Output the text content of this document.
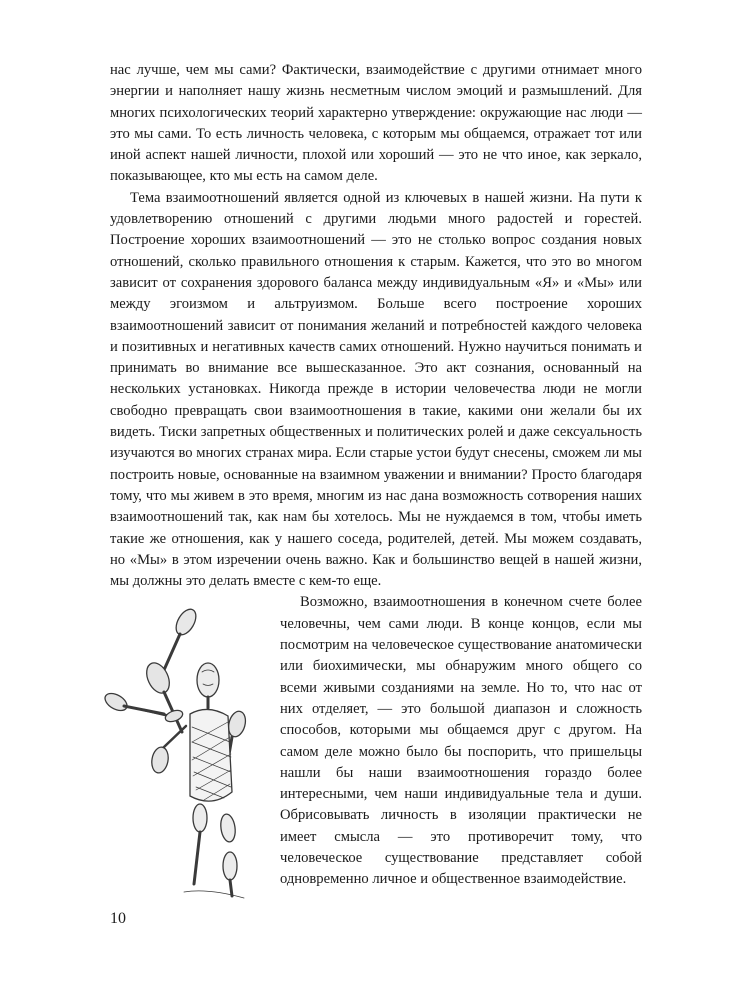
нас лучше, чем мы сами? Фактически, взаимодействие с другими отнимает много энергии и наполняет нашу жизнь несметным числом эмоций и размышлений. Для многих психологических теорий характерно утверждение: окружающие нас люди — это мы сами. То есть личность человека, с которым мы общаемся, отражает тот или иной аспект нашей личности, плохой или хороший — это не что иное, как зеркало, показывающее, кто мы есть на самом деле.

Тема взаимоотношений является одной из ключевых в нашей жизни. На пути к удовлетворению отношений с другими людьми много радостей и горестей. Построение хороших взаимоотношений — это не столько вопрос создания новых отношений, сколько правильного отношения к старым. Кажется, что это во многом зависит от сохранения здорового баланса между индивидуальным «Я» и «Мы» или между эгоизмом и альтруизмом. Больше всего построение хороших взаимоотношений зависит от понимания желаний и потребностей каждого человека и позитивных и негативных качеств самих отношений. Нужно научиться понимать и принимать во внимание все вышесказанное. Это акт сознания, основанный на нескольких установках. Никогда прежде в истории человечества люди не могли свободно превращать свои взаимоотношения в такие, какими они желали бы их видеть. Тиски запретных общественных и политических ролей и даже сексуальность изучаются во многих странах мира. Если старые устои будут снесены, сможем ли мы построить новые, основанные на взаимном уважении и внимании? Просто благодаря тому, что мы живем в это время, многим из нас дана возможность сотворения наших взаимоотношений так, как нам бы хотелось. Мы не нуждаемся в том, чтобы иметь такие же отношения, как у нашего соседа, родителей, детей. Мы можем создавать, но «Мы» в этом изречении очень важно. Как и большинство вещей в нашей жизни, мы должны это делать вместе с кем-то еще.

Возможно, взаимоотношения в конечном счете более человечны, чем сами люди. В конце концов, если мы посмотрим на человеческое существование анатомически или биохимически, мы обнаружим много общего со всеми живыми созданиями на земле. Но то, что нас от них отделяет, — это большой диапазон и сложность способов, которыми мы общаемся друг с другом. На самом деле можно было бы поспорить, что пришельцы нашли бы наши взаимоотношения гораздо более интересными, чем наши индивидуальные тела и души. Обрисовывать личность в изоляции практически не имеет смысла — это противоречит тому, что человеческое существование представляет собой одновременно личное и общественное взаимодействие.

10
